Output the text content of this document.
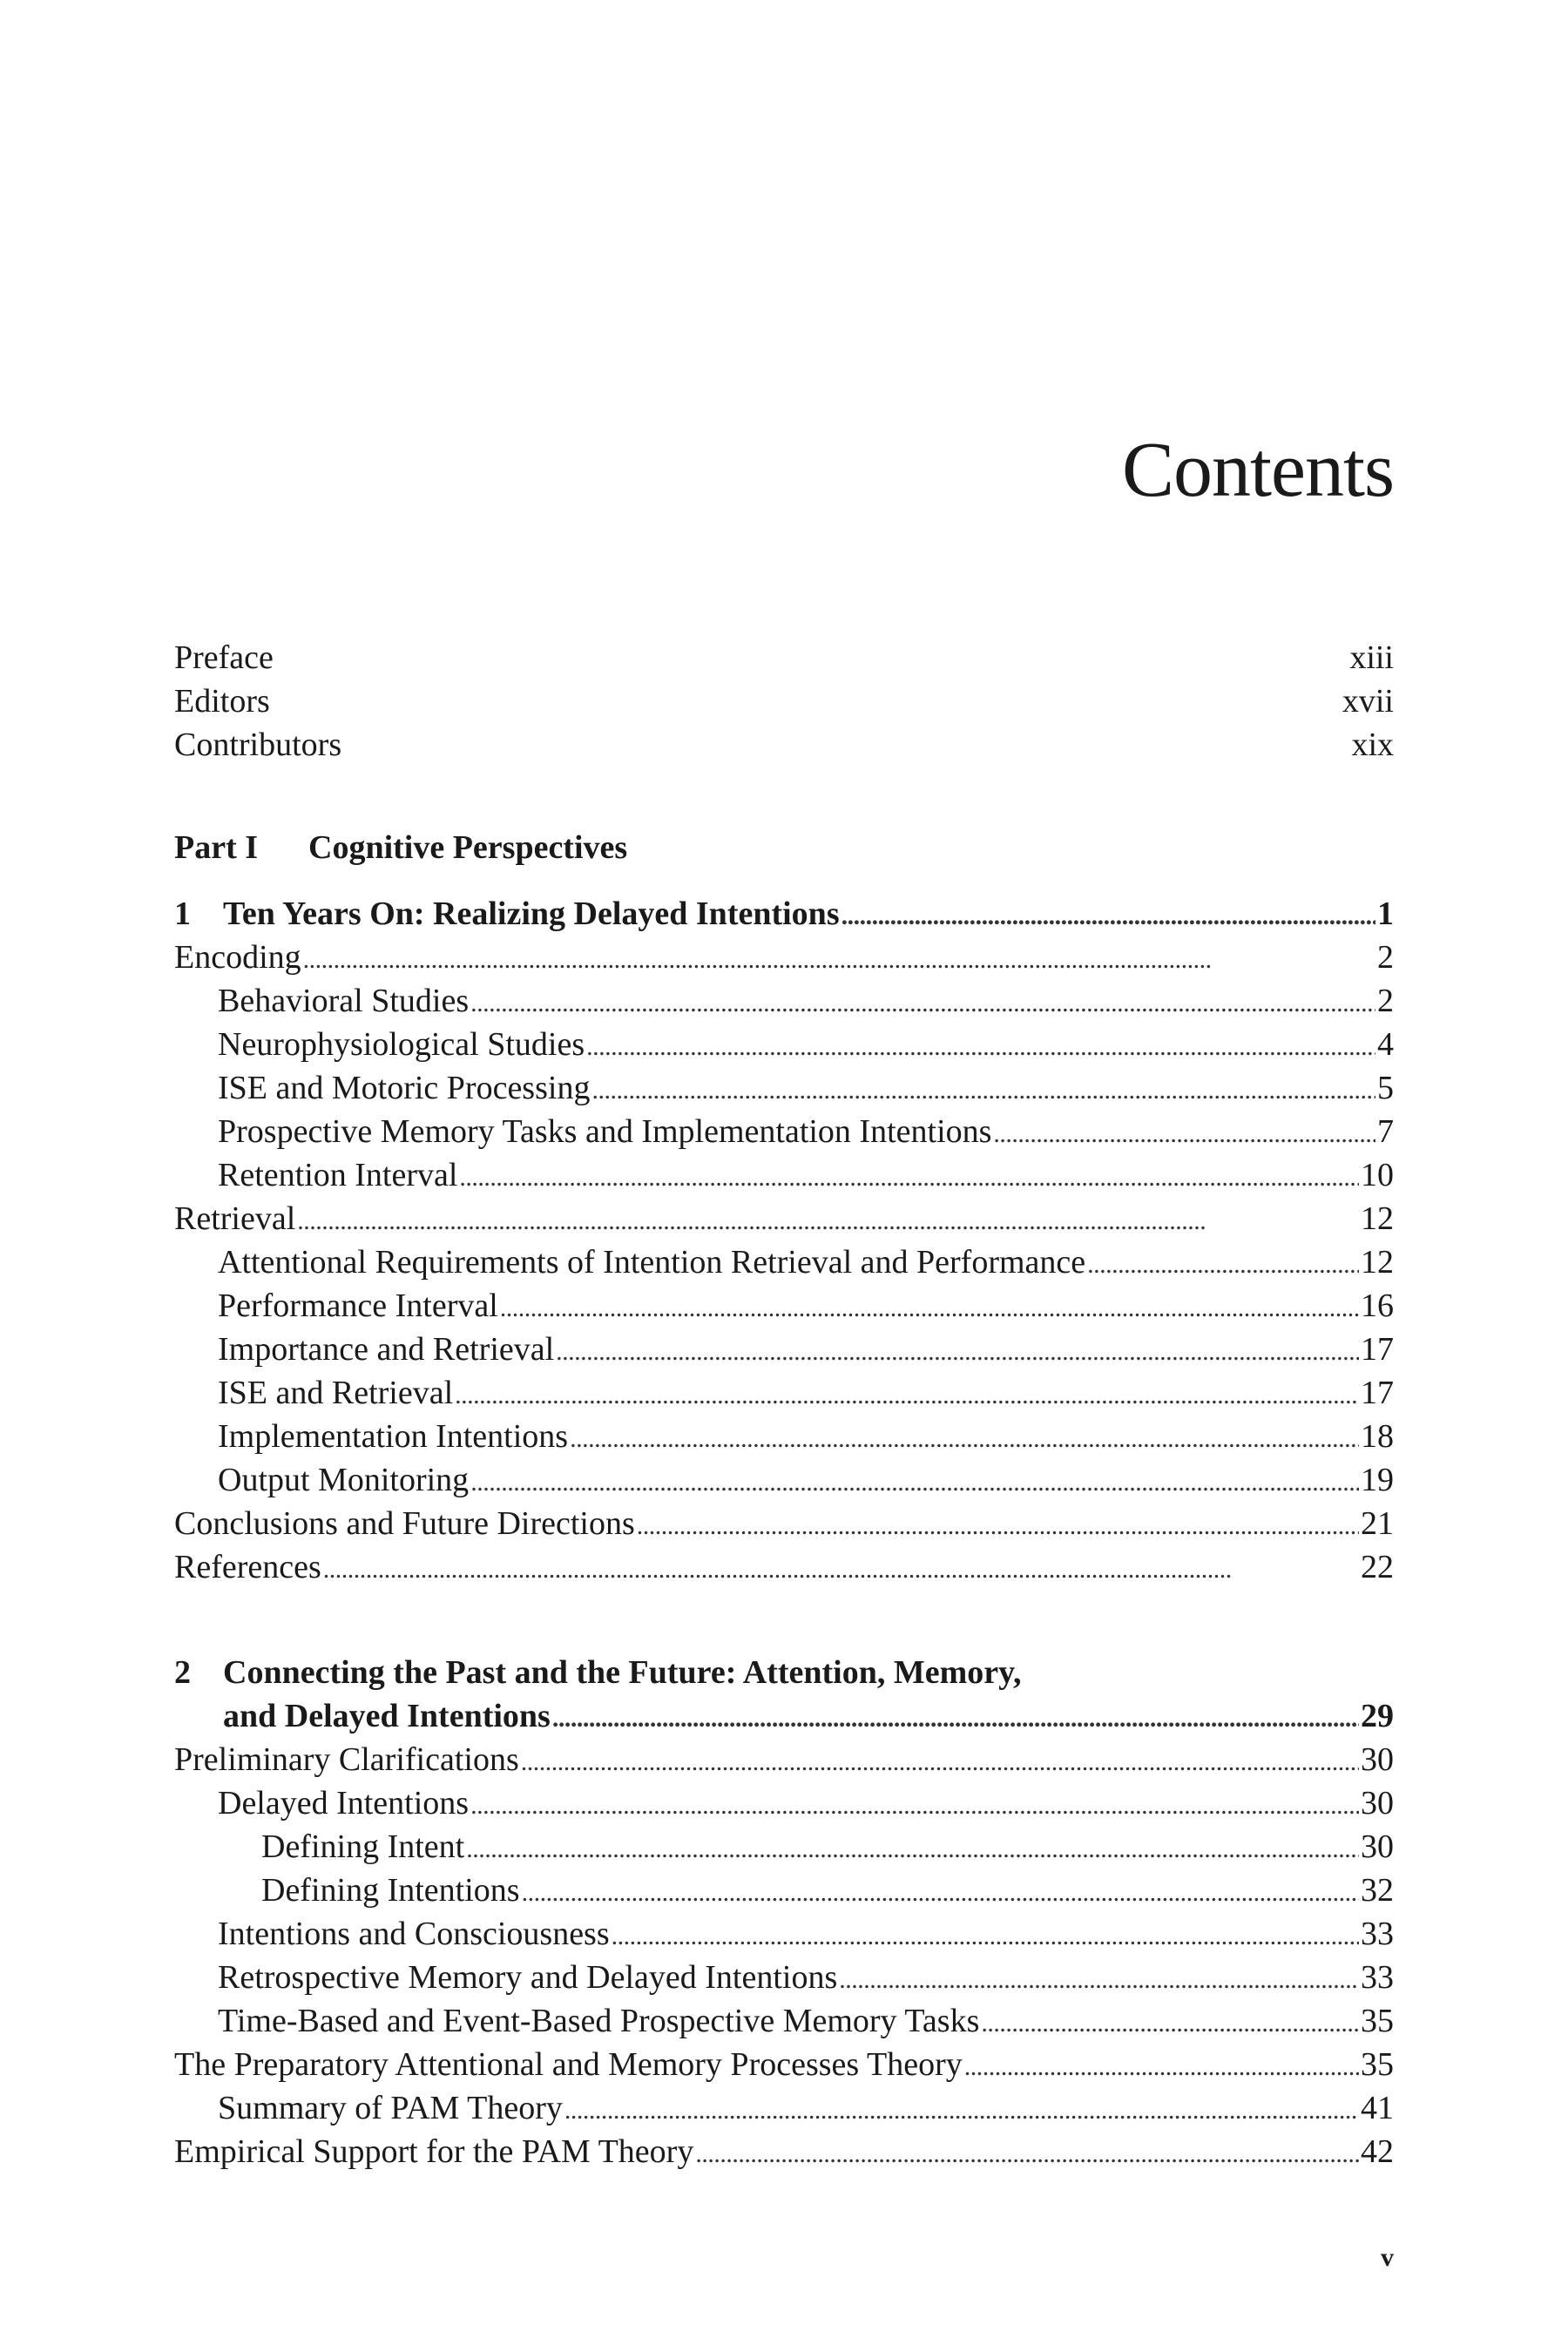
Contents
Preface	xiii
Editors	xvii
Contributors	xix
Part I Cognitive Perspectives
1 Ten Years On: Realizing Delayed Intentions . . .	1
Encoding . . .	2
Behavioral Studies . . .	2
Neurophysiological Studies . . .	4
ISE and Motoric Processing . . .	5
Prospective Memory Tasks and Implementation Intentions . . .	7
Retention Interval . . .	10
Retrieval . . .	12
Attentional Requirements of Intention Retrieval and Performance . . .	12
Performance Interval . . .	16
Importance and Retrieval . . .	17
ISE and Retrieval . . .	17
Implementation Intentions . . .	18
Output Monitoring . . .	19
Conclusions and Future Directions . . .	21
References . . .	22
2 Connecting the Past and the Future: Attention, Memory,
and Delayed Intentions . . .	29
Preliminary Clarifications . . .	30
Delayed Intentions . . .	30
Defining Intent . . .	30
Defining Intentions . . .	32
Intentions and Consciousness . . .	33
Retrospective Memory and Delayed Intentions . . .	33
Time-Based and Event-Based Prospective Memory Tasks . . .	35
The Preparatory Attentional and Memory Processes Theory . . .	35
Summary of PAM Theory . . .	41
Empirical Support for the PAM Theory . . .	42
v
